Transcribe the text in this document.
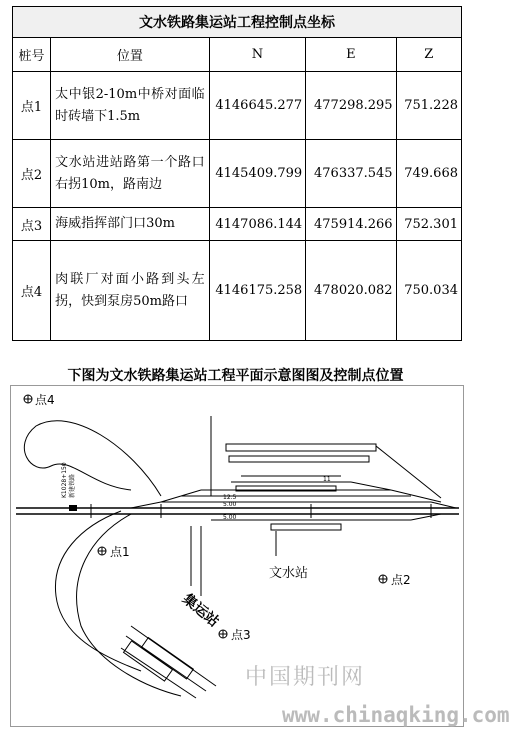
文水铁路集运站工程控制点坐标				
桩号	位置	N	E	Z
点1	太中银2-10m中桥对面临时砖墙下1.5m	4146645.277	477298.295	751.228
点2	文水站进站路第一个路口右拐10m，路南边	4145409.799	476337.545	749.668
点3	海威指挥部门口30m	4147086.144	475914.266	752.301
点4	肉联厂对面小路到头左拐，快到泵房50m路口	4146175.258	478020.082	750.034
下图为文水铁路集运站工程平面示意图图及控制点位置
点4
点1
点2
点3
文水站
集运站
K1028+150 新建铁路	12.5
5.00
5.00
11
中国期刊网
www.chinaqking.com
